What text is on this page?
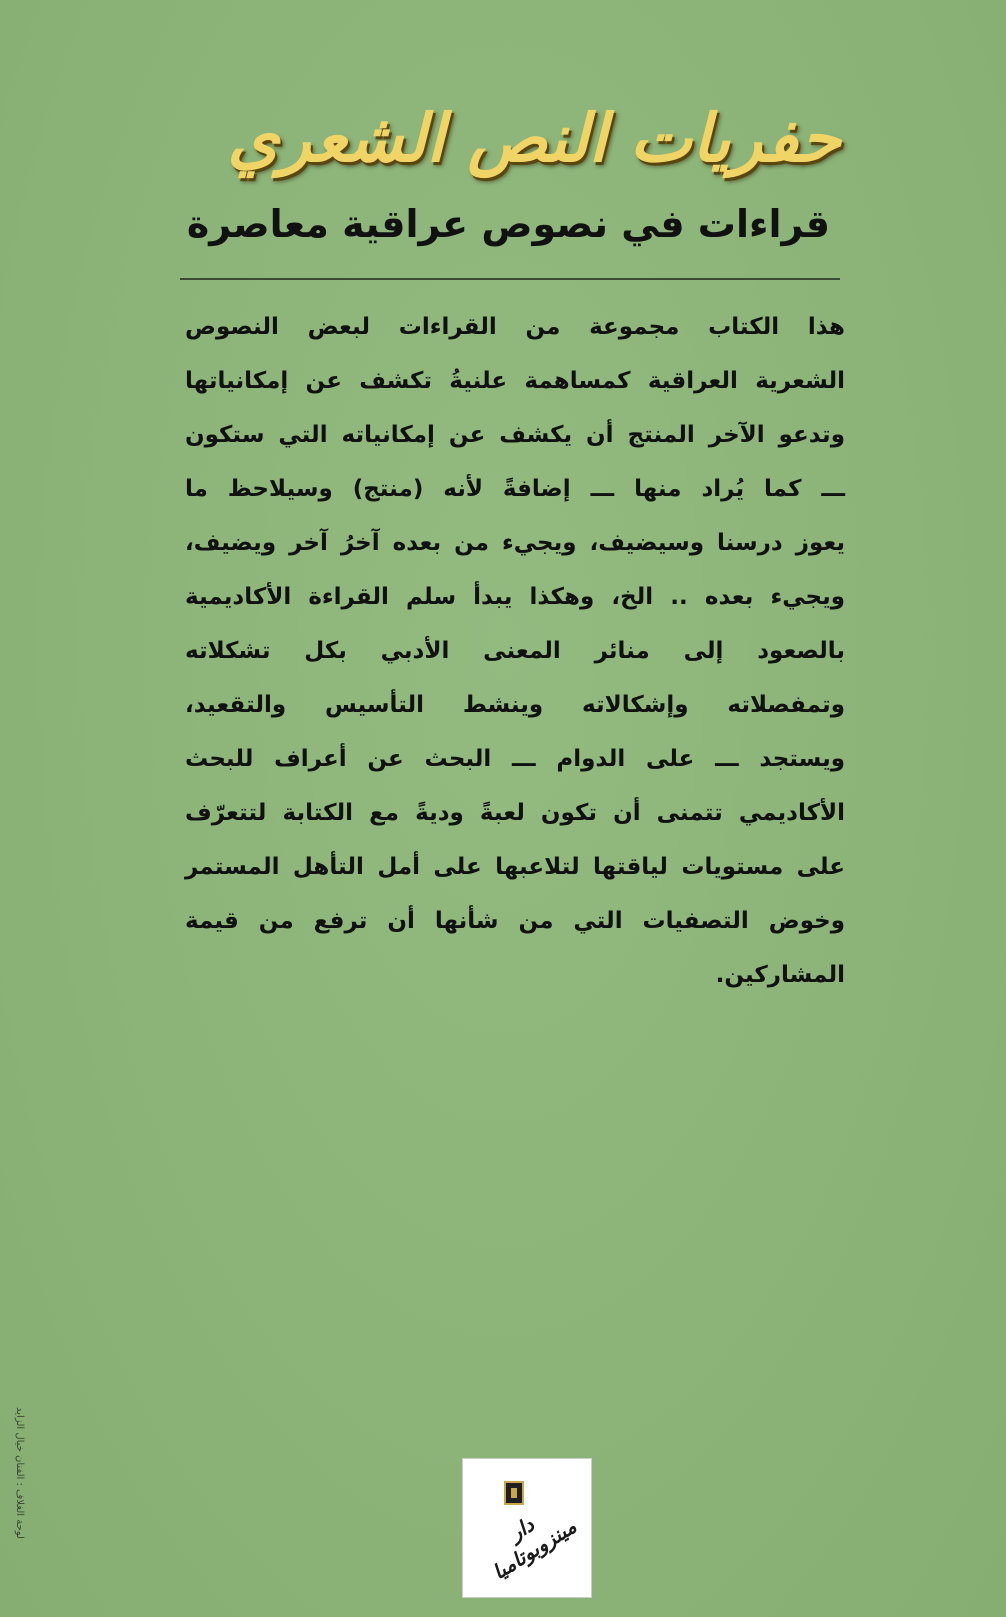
حفريات النص الشعري
قراءات في نصوص عراقية معاصرة
هذا الكتاب مجموعة من القراءات لبعض النصوص
الشعرية العراقية كمساهمة علنيةُ تكشف عن إمكانياتها
وتدعو الآخر المنتج أن يكشف عن إمكانياته التي ستكون
ـــ كما يُراد منها ـــ إضافةً لأنه (منتج) وسيلاحظ ما
يعوز درسنا وسيضيف، ويجيء من بعده آخرُ آخر ويضيف،
ويجيء بعده .. الخ، وهكذا يبدأ سلم القراءة الأكاديمية
بالصعود إلى منائر المعنى الأدبي بكل تشكلاته
وتمفصلاته وإشكالاته وينشط التأسيس والتقعيد،
ويستجد ـــ على الدوام ـــ البحث عن أعراف للبحث
الأكاديمي تتمنى أن تكون لعبةً وديةً مع الكتابة لتتعرّف
على مستويات لياقتها لتلاعبها على أمل التأهل المستمر
وخوض التصفيات التي من شأنها أن ترفع من قيمة
المشاركين.
لوحة الغلاف : الفنان خيال الزايد	دار مينزوبوتاميا
